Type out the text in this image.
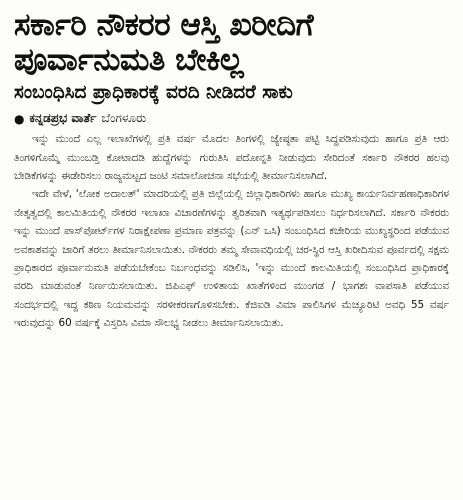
ಸರ್ಕಾರಿ ನೌಕರರ ಆಸ್ತಿ ಖರೀದಿಗೆ
ಪೂರ್ವಾನುಮತಿ ಬೇಕಿಲ್ಲ
ಸಂಬಂಧಿಸಿದ ಪ್ರಾಧಿಕಾರಕ್ಕೆ ವರದಿ ನೀಡಿದರೆ ಸಾಕು
● ಕನ್ನಡಪ್ರಭ ವಾರ್ತೆ ಬೆಂಗಳೂರು

ಇನ್ನು ಮುಂದೆ ಎಲ್ಲ ಇಲಾಖೆಗಳಲ್ಲಿ ಪ್ರತಿ ವರ್ಷ ಮೊದಲ ತಿಂಗಳಲ್ಲಿ ಜ್ಯೇಷ್ಠತಾ ಪಟ್ಟಿ ಸಿದ್ಧಪಡಿಸುವುದು ಹಾಗೂ ಪ್ರತಿ ಆರು ತಿಂಗಳಿಗೊಮ್ಮೆ ಮುಂಬಡ್ತಿ ಕೋಟಾದಡಿ ಹುದ್ದೆಗಳನ್ನು ಗುರುತಿಸಿ ಪದೋನ್ನತಿ ನೀಡುವುದು ಸೇರಿದಂತೆ ಸರ್ಕಾರಿ ನೌಕರರ ಹಲವು ಬೇಡಿಕೆಗಳನ್ನು ಈಡೇರಿಸಲು ರಾಜ್ಯಮಟ್ಟದ ಜಂಟಿ ಸಮಾಲೋಚನಾ ಸಭೆಯಲ್ಲಿ ತೀರ್ಮಾನಿಸಲಾಗಿದೆ.

ಇದೇ ವೇಳೆ, 'ಲೋಕ ಅದಾಲತ್' ಮಾದರಿಯಲ್ಲಿ ಪ್ರತಿ ಜಿಲ್ಲೆಯಲ್ಲಿ ಜಿಲ್ಲಾಧಿಕಾರಿಗಳು ಹಾಗೂ ಮುಖ್ಯ ಕಾರ್ಯನಿರ್ವಹಣಾಧಿಕಾರಿಗಳ ನೇತೃತ್ವದಲ್ಲಿ ಕಾಲಮಿತಿಯಲ್ಲಿ ನೌಕರರ ಇಲಾಖಾ ವಿಚಾರಣೆಗಳನ್ನು ತ್ವರಿತವಾಗಿ ಇತ್ಯರ್ಥಪಡಿಸಲು ನಿರ್ಧರಿಸಲಾಗಿದೆ. ಸರ್ಕಾರಿ ನೌಕರರು ಇನ್ನು ಮುಂದೆ ಪಾಸ್‌ಪೋರ್ಟ್‌ಗಳ ನಿರಾಕ್ಷೇಪಣಾ ಪ್ರಮಾಣ ಪತ್ರವನ್ನು (ಎನ್ ಒಸಿ) ಸಂಬಂಧಿಸಿದ ಕಚೇರಿಯ ಮುಖ್ಯಸ್ಥರಿಂದ ಪಡೆಯುವ ಅವಕಾಶವನ್ನು ಜಾರಿಗೆ ತರಲು ತೀರ್ಮಾನಿಸಲಾಯಿತು. ನೌಕರರು ತಮ್ಮ ಸೇವಾವಧಿಯಲ್ಲಿ ಚರ-ಸ್ಥಿರ ಆಸ್ತಿ ಖರೀದಿಸುವ ಪೂರ್ವದಲ್ಲಿ ಸಕ್ಷಮ ಪ್ರಾಧಿಕಾರದ ಪೂರ್ವಾನುಮತಿ ಪಡೆಯಬೇಕೆಂಬ ನಿರ್ಬಂಧವನ್ನು ಸಡಿಲಿಸಿ, 'ಇನ್ನು ಮುಂದೆ ಕಾಲಮಿತಿಯಲ್ಲಿ ಸಂಬಂಧಿಸಿದ ಪ್ರಾಧಿಕಾರಕ್ಕೆ ವರದಿ ಮಾಡುವಂತೆ ನಿರ್ಣಯಿಸಲಾಯಿತು. ಜಿಪಿಎಫ್ ಉಳಿತಾಯ ಖಾತೆಗಳಿಂದ ಮುಂಗಡ / ಭಾಗಶಃ ವಾಪಸಾತಿ ಪಡೆಯುವ ಸಂದರ್ಭದಲ್ಲಿ ಇದ್ದ ಕಠಿಣ ನಿಯಮವನ್ನು ಸರಳೀಕರಣಗೊಳಿಸಬೇಕು. ಕೆಜಿಐಡಿ ವಿಮಾ ಪಾಲಿಸಿಗಳ ಮೆಚ್ಯೂರಿಟಿ ಅವಧಿ 55 ವರ್ಷ ಇರುವುದನ್ನು 60 ವರ್ಷಕ್ಕೆ ವಿಸ್ತರಿಸಿ ವಿಮಾ ಸೌಲಭ್ಯ ನೀಡಲು ತೀರ್ಮಾನಿಸಲಾಯಿತು.
